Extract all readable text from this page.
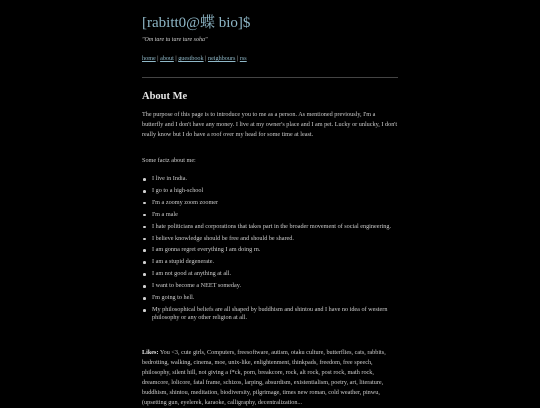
[rabitt0@蝶 bio]$

"Om tare tu tare ture soha"

home | about | guestbook | neighbours | rss

About Me

The purpose of this page is to introduce you to me as a person. As mentioned previously, I'm a butterfly and I don't have any money. I live at my owner's place and I am pet. Lucky or unlucky, I don't really know but I do have a roof over my head for some time at least.

Some factz about me:

I live in India.
I go to a high-school
I'm a zoomy zoom zoomer
I'm a male
I hate politicians and corporations that takes part in the broader movement of social engineering.
I believe knowledge should be free and should be shared.
I am gonna regret everything I am doing rn.
I am a stupid degenerate.
I am not good at anything at all.
I want to become a NEET someday.
I'm going to hell.
My philosophical beliefs are all shaped by buddhism and shintou and I have no idea of western philosophy or any other religion at all.

Likes: You <3, cute girls, Computers, freesoftware, autism, otaku culture, butterflies, cats, rabbits, bedrotting, walking, cinema, moe, unix-like, enlightenment, thinkpads, freedom, free speech, philosophy, silent hill, not giving a f*ck, porn, breakcore, rock, alt rock, post rock, math rock, dreamcore, lolicore, fatal frame, schizos, larping, absurdism, existentialism, poetry, art, literature, buddhism, shintou, meditation, biodiversity, pilgrimage, times new roman, cold weather, pinwu, (upsetting gun, eyelerek, karaoke, calligraphy, decentralization...
